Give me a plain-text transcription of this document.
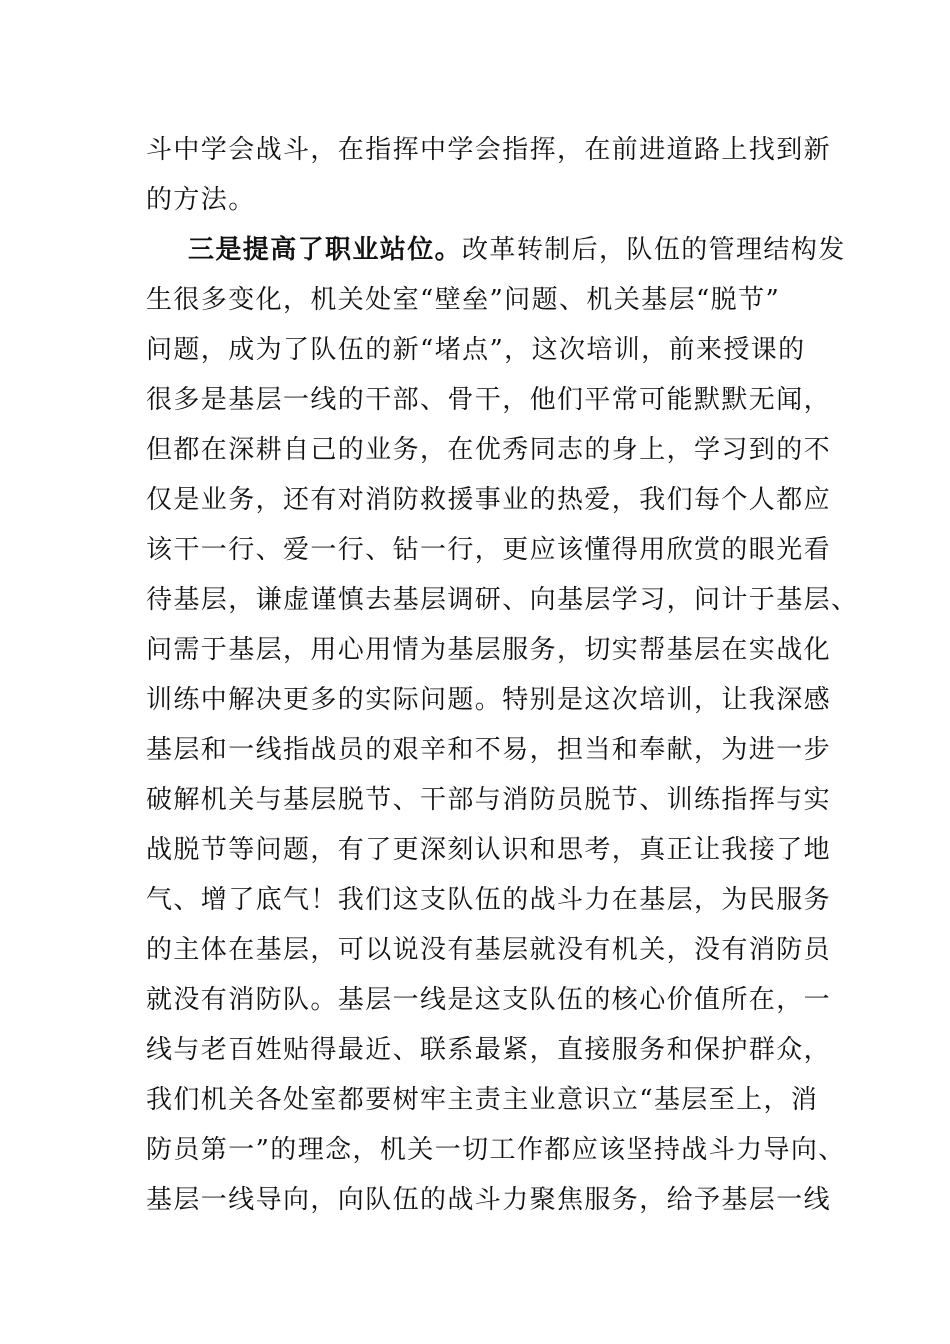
斗中学会战斗，在指挥中学会指挥，在前进道路上找到新
的方法。
三是提高了职业站位。改革转制后，队伍的管理结构发
生很多变化，机关处室“壁垒”问题、机关基层“脱节”
问题，成为了队伍的新“堵点”，这次培训，前来授课的
很多是基层一线的干部、骨干，他们平常可能默默无闻，
但都在深耕自己的业务，在优秀同志的身上，学习到的不
仅是业务，还有对消防救援事业的热爱，我们每个人都应
该干一行、爱一行、钻一行，更应该懂得用欣赏的眼光看
待基层，谦虚谨慎去基层调研、向基层学习，问计于基层、
问需于基层，用心用情为基层服务，切实帮基层在实战化
训练中解决更多的实际问题。特别是这次培训，让我深感
基层和一线指战员的艰辛和不易，担当和奉献，为进一步
破解机关与基层脱节、干部与消防员脱节、训练指挥与实
战脱节等问题，有了更深刻认识和思考，真正让我接了地
气、增了底气！我们这支队伍的战斗力在基层，为民服务
的主体在基层，可以说没有基层就没有机关，没有消防员
就没有消防队。基层一线是这支队伍的核心价值所在，一
线与老百姓贴得最近、联系最紧，直接服务和保护群众，
我们机关各处室都要树牢主责主业意识立“基层至上，消
防员第一”的理念，机关一切工作都应该坚持战斗力导向、
基层一线导向，向队伍的战斗力聚焦服务，给予基层一线
